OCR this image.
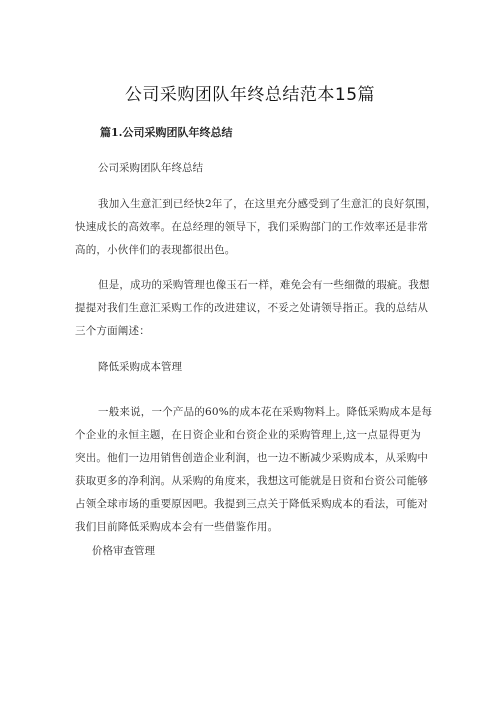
公司采购团队年终总结范本15篇
篇1.公司采购团队年终总结
公司采购团队年终总结
我加入生意汇到已经快2年了，在这里充分感受到了生意汇的良好氛围，
快速成长的高效率。在总经理的领导下，我们采购部门的工作效率还是非常
高的，小伙伴们的表现都很出色。
但是，成功的采购管理也像玉石一样，难免会有一些细微的瑕疵。我想
提提对我们生意汇采购工作的改进建议，不妥之处请领导指正。我的总结从
三个方面阐述：
降低采购成本管理
一般来说，一个产品的60%的成本花在采购物料上。降低采购成本是每
个企业的永恒主题，在日资企业和台资企业的采购管理上,这一点显得更为
突出。他们一边用销售创造企业利润，也一边不断减少采购成本，从采购中
获取更多的净利润。从采购的角度来，我想这可能就是日资和台资公司能够
占领全球市场的重要原因吧。我提到三点关于降低采购成本的看法，可能对
我们目前降低采购成本会有一些借鉴作用。
价格审查管理
